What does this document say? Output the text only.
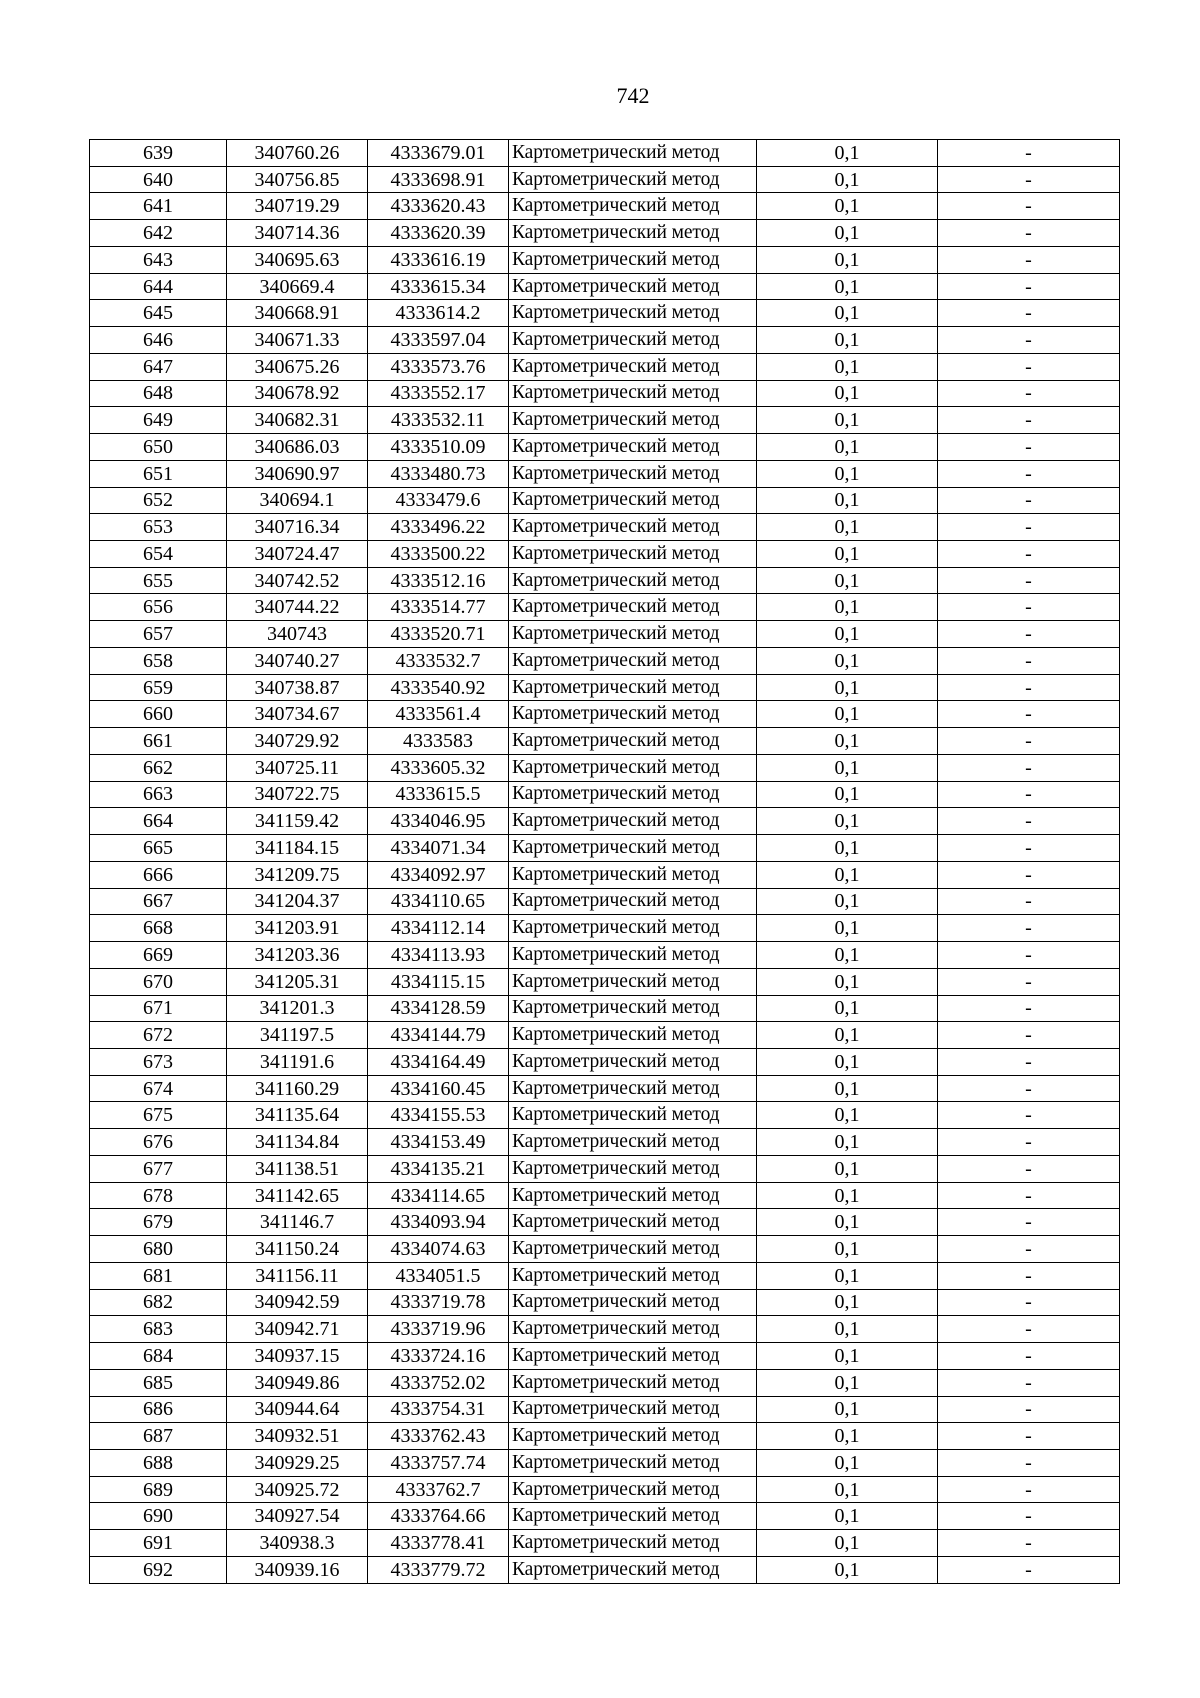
742
639	340760.26	4333679.01	Картометрический метод	0,1	-
640	340756.85	4333698.91	Картометрический метод	0,1	-
641	340719.29	4333620.43	Картометрический метод	0,1	-
642	340714.36	4333620.39	Картометрический метод	0,1	-
643	340695.63	4333616.19	Картометрический метод	0,1	-
644	340669.4	4333615.34	Картометрический метод	0,1	-
645	340668.91	4333614.2	Картометрический метод	0,1	-
646	340671.33	4333597.04	Картометрический метод	0,1	-
647	340675.26	4333573.76	Картометрический метод	0,1	-
648	340678.92	4333552.17	Картометрический метод	0,1	-
649	340682.31	4333532.11	Картометрический метод	0,1	-
650	340686.03	4333510.09	Картометрический метод	0,1	-
651	340690.97	4333480.73	Картометрический метод	0,1	-
652	340694.1	4333479.6	Картометрический метод	0,1	-
653	340716.34	4333496.22	Картометрический метод	0,1	-
654	340724.47	4333500.22	Картометрический метод	0,1	-
655	340742.52	4333512.16	Картометрический метод	0,1	-
656	340744.22	4333514.77	Картометрический метод	0,1	-
657	340743	4333520.71	Картометрический метод	0,1	-
658	340740.27	4333532.7	Картометрический метод	0,1	-
659	340738.87	4333540.92	Картометрический метод	0,1	-
660	340734.67	4333561.4	Картометрический метод	0,1	-
661	340729.92	4333583	Картометрический метод	0,1	-
662	340725.11	4333605.32	Картометрический метод	0,1	-
663	340722.75	4333615.5	Картометрический метод	0,1	-
664	341159.42	4334046.95	Картометрический метод	0,1	-
665	341184.15	4334071.34	Картометрический метод	0,1	-
666	341209.75	4334092.97	Картометрический метод	0,1	-
667	341204.37	4334110.65	Картометрический метод	0,1	-
668	341203.91	4334112.14	Картометрический метод	0,1	-
669	341203.36	4334113.93	Картометрический метод	0,1	-
670	341205.31	4334115.15	Картометрический метод	0,1	-
671	341201.3	4334128.59	Картометрический метод	0,1	-
672	341197.5	4334144.79	Картометрический метод	0,1	-
673	341191.6	4334164.49	Картометрический метод	0,1	-
674	341160.29	4334160.45	Картометрический метод	0,1	-
675	341135.64	4334155.53	Картометрический метод	0,1	-
676	341134.84	4334153.49	Картометрический метод	0,1	-
677	341138.51	4334135.21	Картометрический метод	0,1	-
678	341142.65	4334114.65	Картометрический метод	0,1	-
679	341146.7	4334093.94	Картометрический метод	0,1	-
680	341150.24	4334074.63	Картометрический метод	0,1	-
681	341156.11	4334051.5	Картометрический метод	0,1	-
682	340942.59	4333719.78	Картометрический метод	0,1	-
683	340942.71	4333719.96	Картометрический метод	0,1	-
684	340937.15	4333724.16	Картометрический метод	0,1	-
685	340949.86	4333752.02	Картометрический метод	0,1	-
686	340944.64	4333754.31	Картометрический метод	0,1	-
687	340932.51	4333762.43	Картометрический метод	0,1	-
688	340929.25	4333757.74	Картометрический метод	0,1	-
689	340925.72	4333762.7	Картометрический метод	0,1	-
690	340927.54	4333764.66	Картометрический метод	0,1	-
691	340938.3	4333778.41	Картометрический метод	0,1	-
692	340939.16	4333779.72	Картометрический метод	0,1	-
